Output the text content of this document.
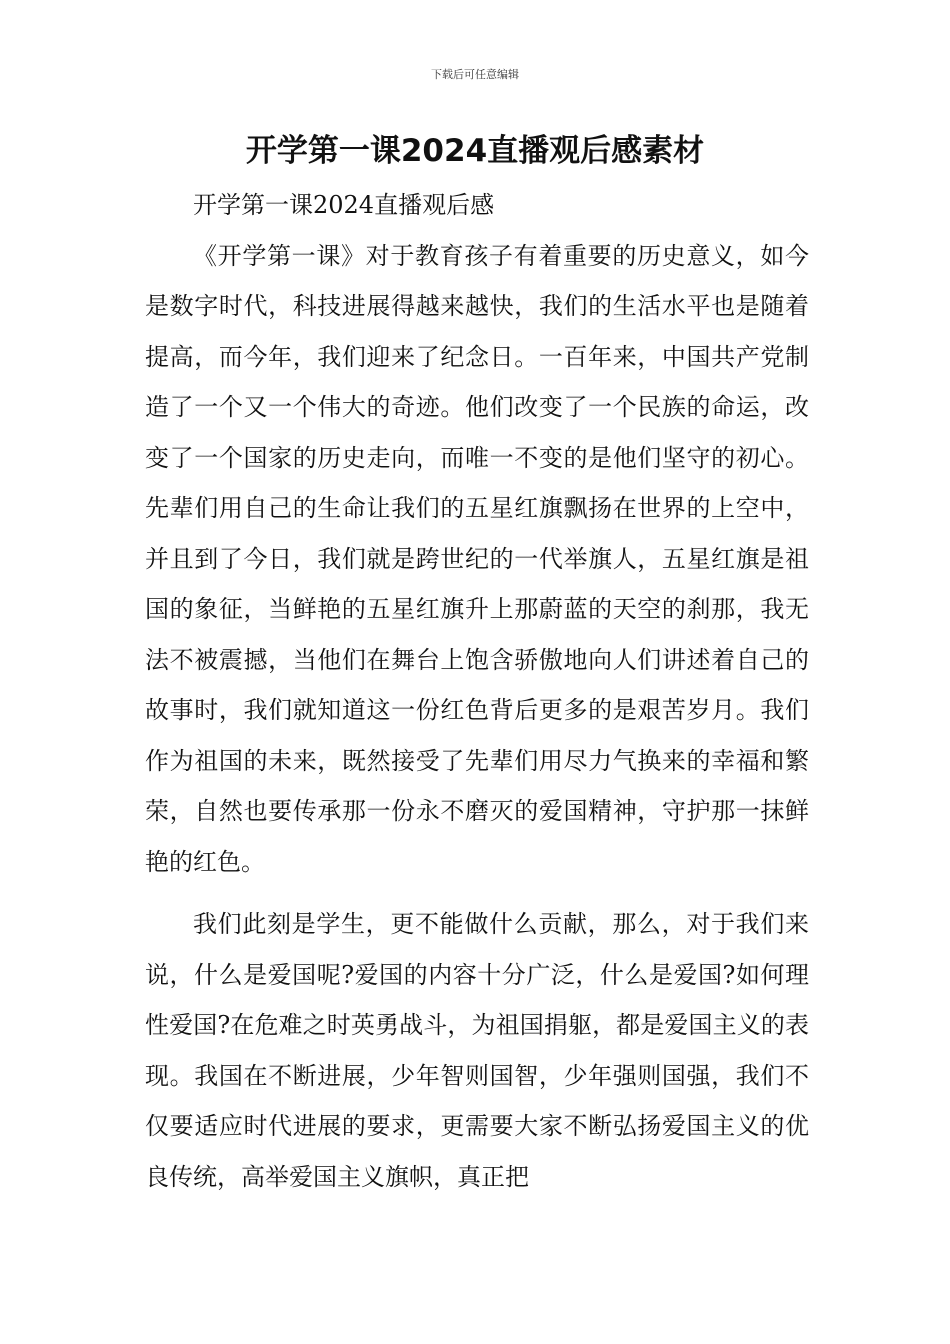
下载后可任意编辑

开学第一课2024直播观后感素材

开学第一课2024直播观后感

《开学第一课》对于教育孩子有着重要的历史意义，如今是数字时代，科技进展得越来越快，我们的生活水平也是随着提高，而今年，我们迎来了纪念日。一百年来，中国共产党制造了一个又一个伟大的奇迹。他们改变了一个民族的命运，改变了一个国家的历史走向，而唯一不变的是他们坚守的初心。先辈们用自己的生命让我们的五星红旗飘扬在世界的上空中，并且到了今日，我们就是跨世纪的一代举旗人，五星红旗是祖国的象征，当鲜艳的五星红旗升上那蔚蓝的天空的刹那，我无法不被震撼，当他们在舞台上饱含骄傲地向人们讲述着自己的故事时，我们就知道这一份红色背后更多的是艰苦岁月。我们作为祖国的未来，既然接受了先辈们用尽力气换来的幸福和繁荣，自然也要传承那一份永不磨灭的爱国精神，守护那一抹鲜艳的红色。

我们此刻是学生，更不能做什么贡献，那么，对于我们来说，什么是爱国呢?爱国的内容十分广泛，什么是爱国?如何理性爱国?在危难之时英勇战斗，为祖国捐躯，都是爱国主义的表现。我国在不断进展，少年智则国智，少年强则国强，我们不仅要适应时代进展的要求，更需要大家不断弘扬爱国主义的优良传统，高举爱国主义旗帜，真正把
